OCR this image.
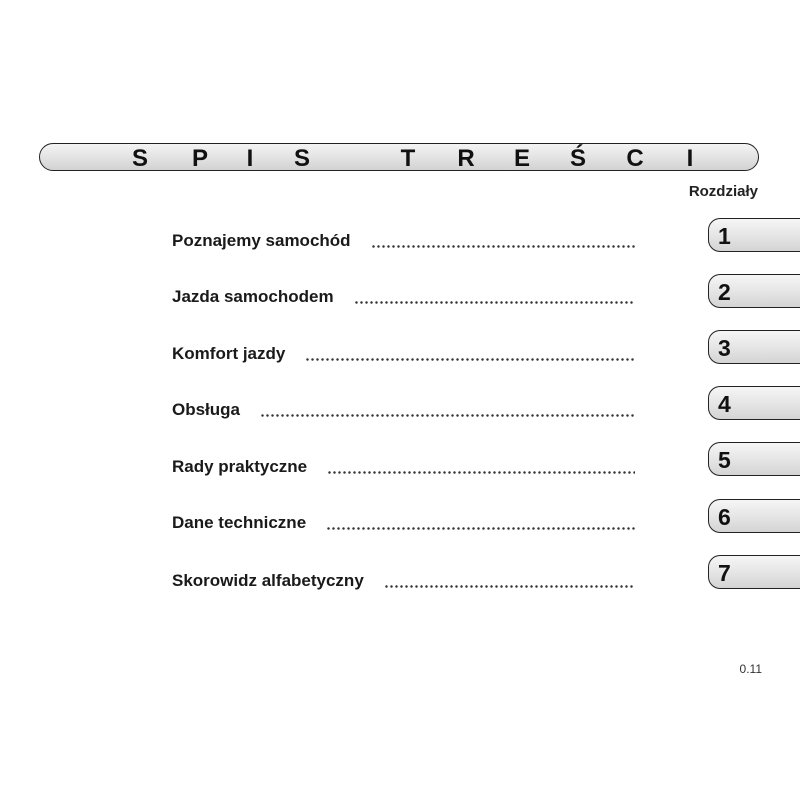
S P I S	T R E Ś C I
Rozdziały
Poznajemy samochód
Jazda samochodem
Komfort jazdy
Obsługa
Rady praktyczne
Dane techniczne
Skorowidz alfabetyczny
1
2
3
4
5
6
7
0.11
